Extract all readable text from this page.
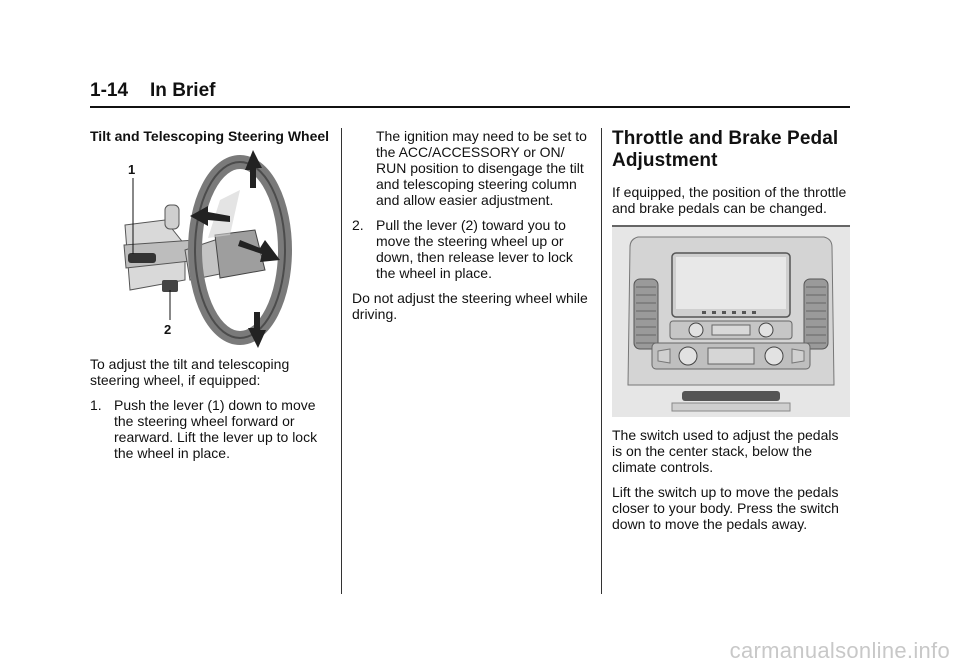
1-14 In Brief
Tilt and Telescoping Steering Wheel
1
2

To adjust the tilt and telescoping steering wheel, if equipped:

1. Push the lever (1) down to move the steering wheel forward or rearward. Lift the lever up to lock the wheel in place.
The ignition may need to be set to the ACC/ACCESSORY or ON/ RUN position to disengage the tilt and telescoping steering column and allow easier adjustment.
2. Pull the lever (2) toward you to move the steering wheel up or down, then release lever to lock the wheel in place.

Do not adjust the steering wheel while driving.

Throttle and Brake Pedal Adjustment

If equipped, the position of the throttle and brake pedals can be changed.

The switch used to adjust the pedals is on the center stack, below the climate controls.

Lift the switch up to move the pedals closer to your body. Press the switch down to move the pedals away.

carmanualsonline.info
